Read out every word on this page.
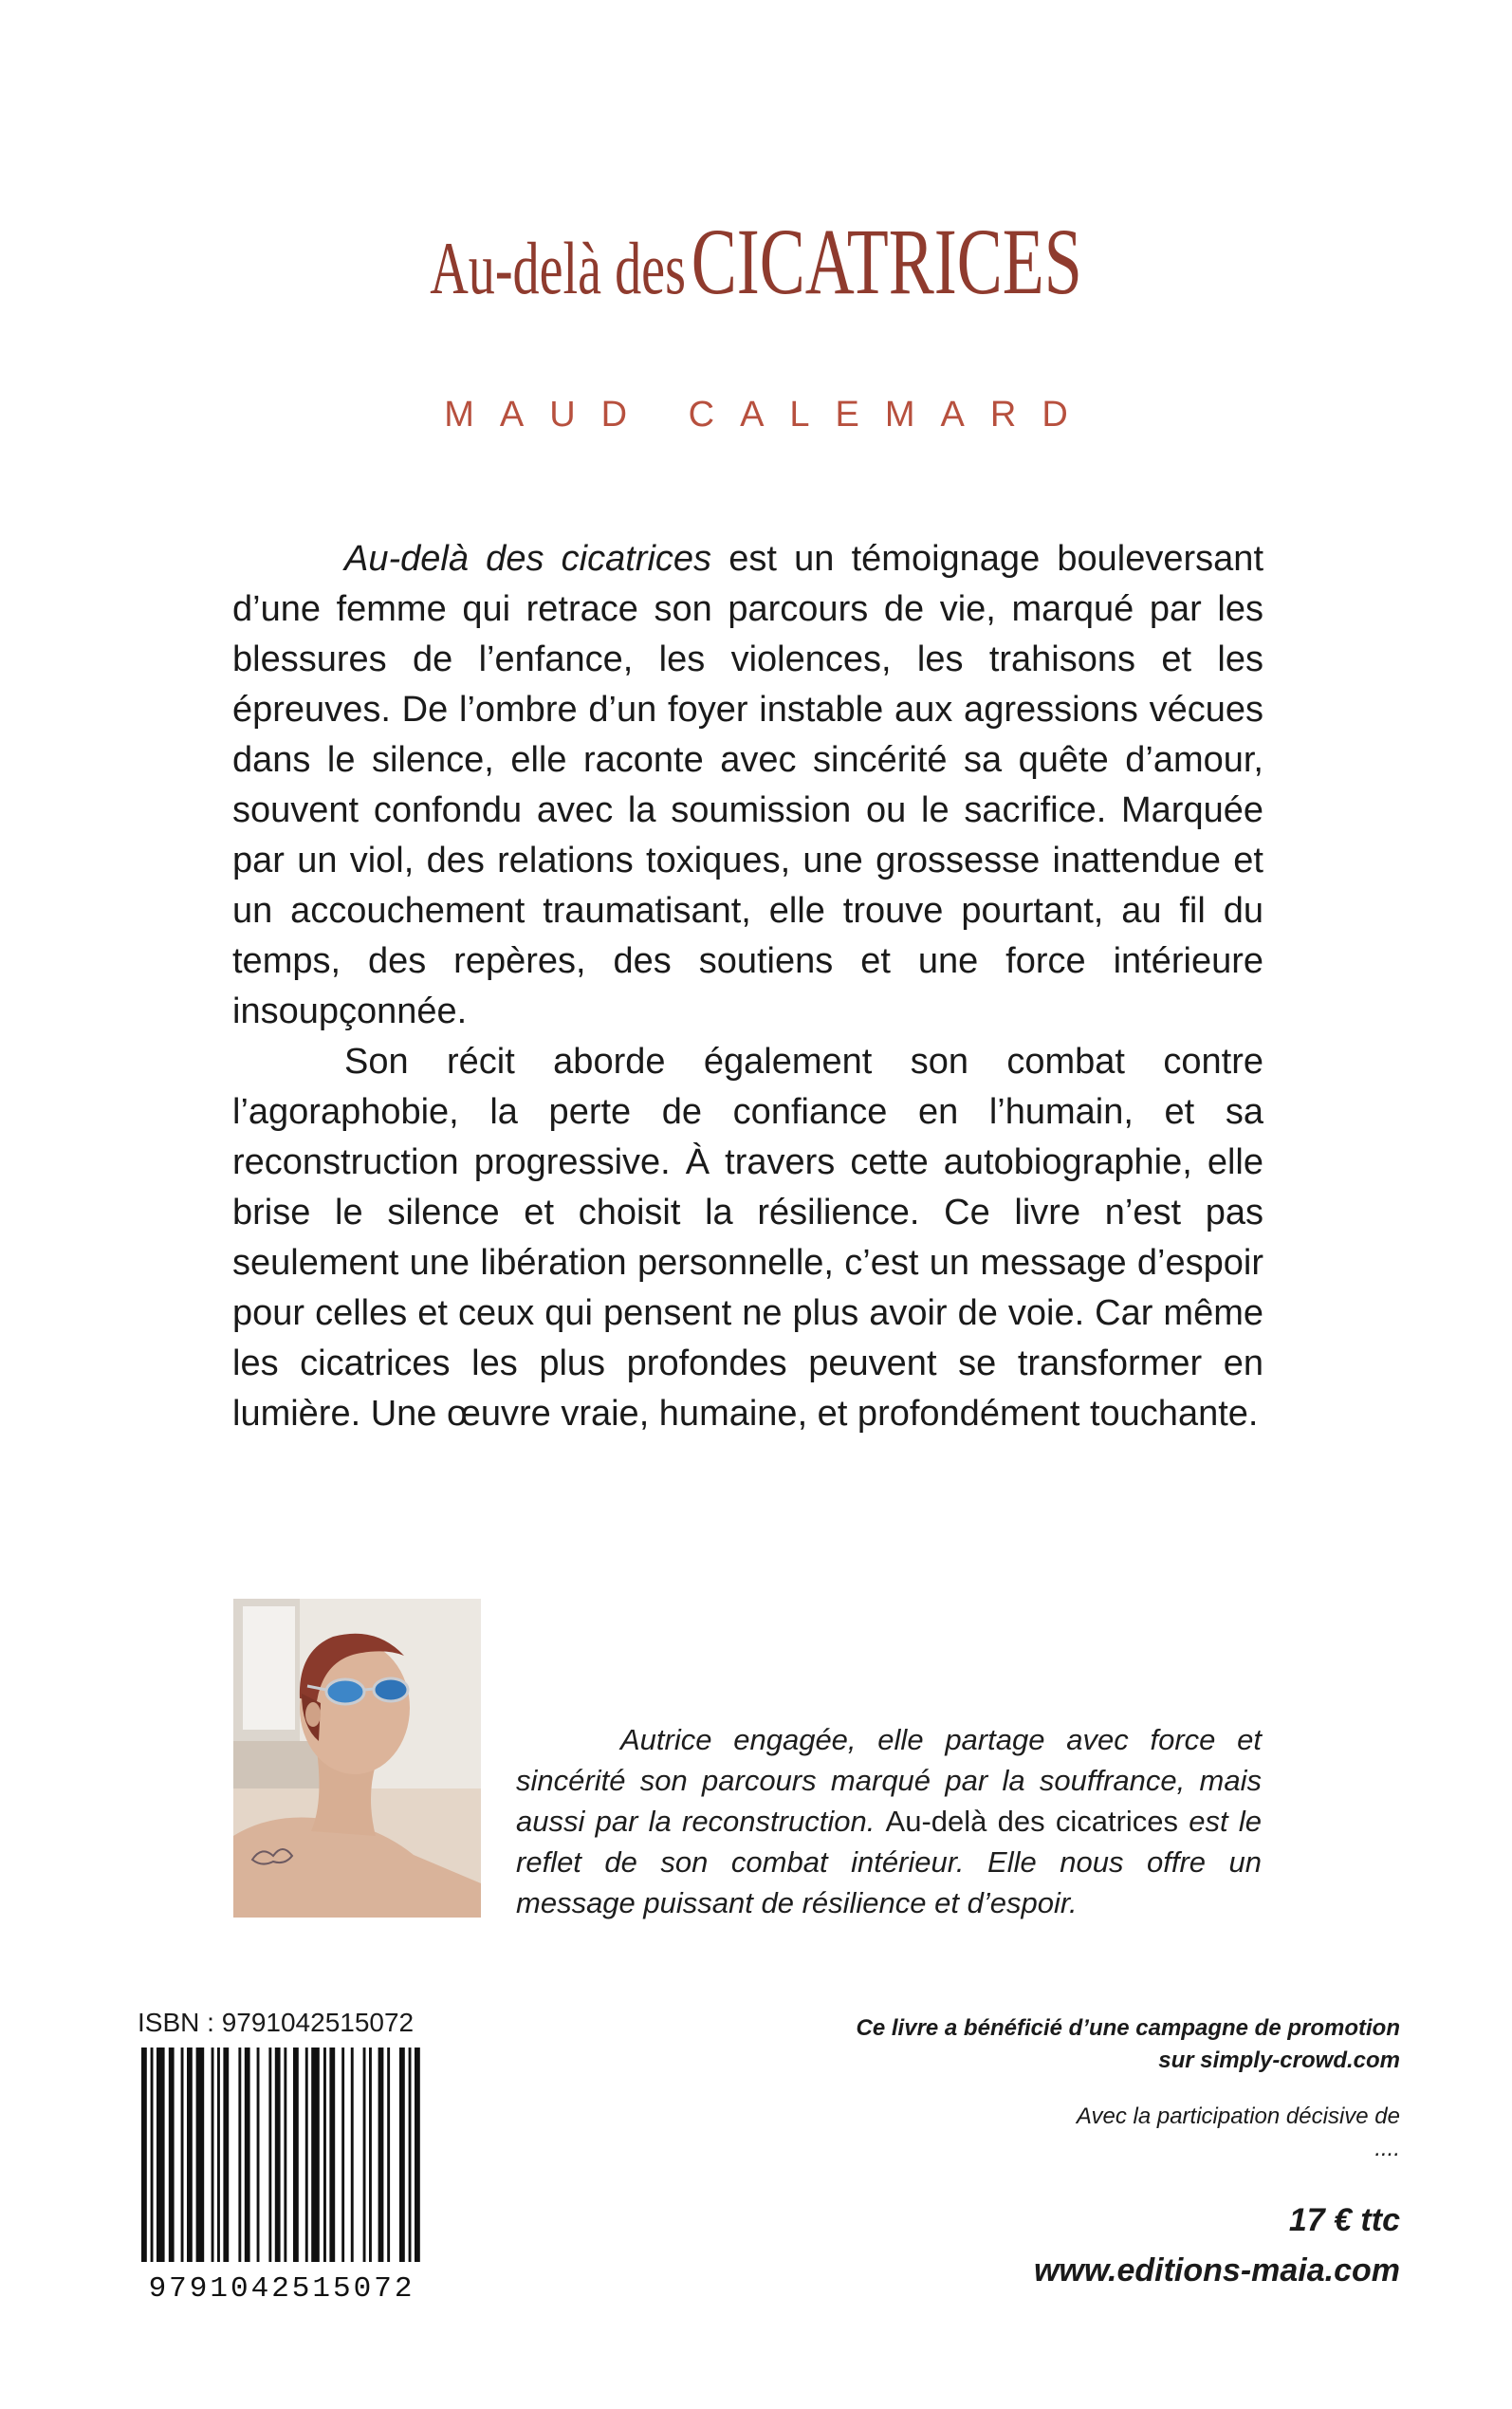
Au-delà des CICATRICES
MAUD CALEMARD

Au-delà des cicatrices est un témoignage bouleversant d’une femme qui retrace son parcours de vie, marqué par les blessures de l’enfance, les violences, les trahisons et les épreuves. De l’ombre d’un foyer instable aux agressions vécues dans le silence, elle raconte avec sincérité sa quête d’amour, souvent confondu avec la soumission ou le sacrifice. Marquée par un viol, des relations toxiques, une grossesse inattendue et un accouchement traumatisant, elle trouve pourtant, au fil du temps, des repères, des soutiens et une force intérieure insoupçonnée.

Son récit aborde également son combat contre l’agoraphobie, la perte de confiance en l’humain, et sa reconstruction progressive. À travers cette autobiographie, elle brise le silence et choisit la résilience. Ce livre n’est pas seulement une libération personnelle, c’est un message d’espoir pour celles et ceux qui pensent ne plus avoir de voie. Car même les cicatrices les plus profondes peuvent se transformer en lumière. Une œuvre vraie, humaine, et profondément touchante.

Autrice engagée, elle partage avec force et sincérité son parcours marqué par la souffrance, mais aussi par la reconstruction. Au-delà des cicatrices est le reflet de son combat intérieur. Elle nous offre un message puissant de résilience et d’espoir.

ISBN : 9791042515072
9791042515072
Ce livre a bénéficié d’une campagne de promotion
sur simply-crowd.com
Avec la participation décisive de
....
17 € ttc
www.editions-maia.com
